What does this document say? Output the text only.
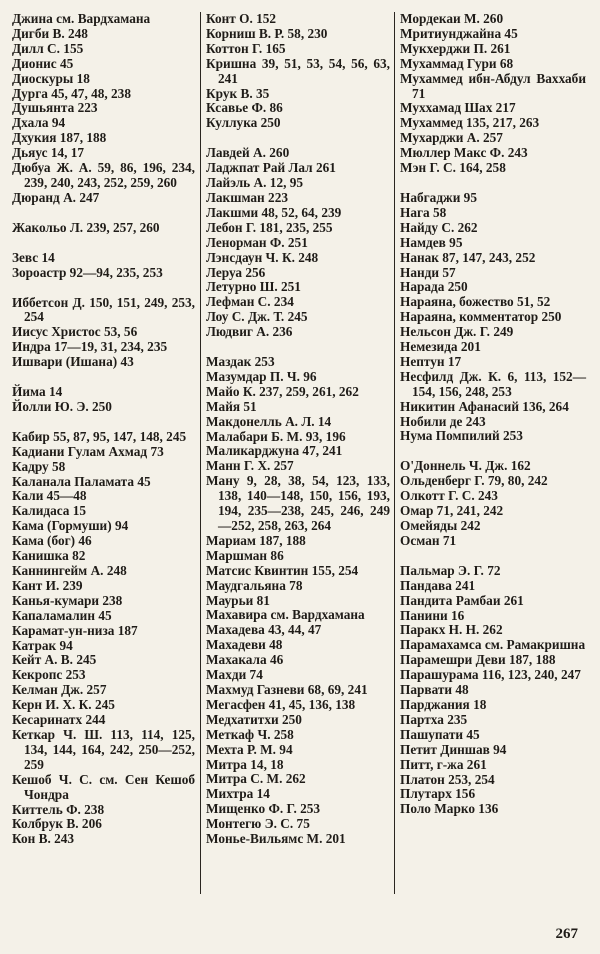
Джина см. Вардхамана
Дигби В. 248
Дилл С. 155
Дионис 45
Диоскуры 18
Дурга 45, 47, 48, 238
Душьянта 223
Дхала 94
Дхукия 187, 188
Дьяус 14, 17
Дюбуа Ж. А. 59, 86, 196, 234, 239, 240, 243, 252, 259, 260
Дюранд А. 247
Жакольо Л. 239, 257, 260
Зевс 14
Зороастр 92—94, 235, 253
Иббетсон Д. 150, 151, 249, 253, 254
Иисус Христос 53, 56
Индра 17—19, 31, 234, 235
Ишвари (Ишана) 43
Йима 14
Йолли Ю. Э. 250
Кабир 55, 87, 95, 147, 148, 245
Кадиани Гулам Ахмад 73
Кадру 58
Каланала Паламата 45
Кали 45—48
Калидаса 15
Кама (Гормуши) 94
Кама (бог) 46
Канишка 82
Каннингейм А. 248
Кант И. 239
Канья-кумари 238
Капаламалин 45
Карамат-ун-низа 187
Катрак 94
Кейт А. В. 245
Кекропс 253
Келман Дж. 257
Керн И. Х. К. 245
Кесаринатх 244
Кеткар Ч. Ш. 113, 114, 125, 134, 144, 164, 242, 250—252, 259
Кешоб Ч. С. см. Сен Кешоб Чондра
Киттель Ф. 238
Колбрук В. 206
Кон В. 243
Конт О. 152
Корниш В. Р. 58, 230
Коттон Г. 165
Кришна 39, 51, 53, 54, 56, 63, 241
Крук В. 35
Ксавье Ф. 86
Куллука 250
Лавдей А. 260
Ладжпат Рай Лал 261
Лайэль А. 12, 95
Лакшман 223
Лакшми 48, 52, 64, 239
Лебон Г. 181, 235, 255
Ленорман Ф. 251
Лэнсдаун Ч. К. 248
Леруа 256
Летурно Ш. 251
Лефман С. 234
Лоу С. Дж. Т. 245
Людвиг А. 236
Маздак 253
Мазумдар П. Ч. 96
Майо К. 237, 259, 261, 262
Майя 51
Макдонелль А. Л. 14
Малабари Б. М. 93, 196
Маликарджуна 47, 241
Манн Г. Х. 257
Ману 9, 28, 38, 54, 123, 133, 138, 140—148, 150, 156, 193, 194, 235—238, 245, 246, 249—252, 258, 263, 264
Мариам 187, 188
Маршман 86
Матсис Квинтин 155, 254
Маудгальяна 78
Маурьи 81
Махавира см. Вардхамана
Махадева 43, 44, 47
Махадеви 48
Махакала 46
Махди 74
Махмуд Газневи 68, 69, 241
Мегасфен 41, 45, 136, 138
Медхатитхи 250
Меткаф Ч. 258
Мехта Р. М. 94
Митра 14, 18
Митра С. М. 262
Михтра 14
Мищенко Ф. Г. 253
Монтегю Э. С. 75
Монье-Вильямс М. 201
Мордекаи М. 260
Мритиунджайна 45
Мукхерджи П. 261
Мухаммад Гури 68
Мухаммед ибн-Абдул Ваххаби 71
Муххамад Шах 217
Мухаммед 135, 217, 263
Мухарджи А. 257
Мюллер Макс Ф. 243
Мэн Г. С. 164, 258
Набгаджи 95
Нага 58
Найду С. 262
Намдев 95
Нанак 87, 147, 243, 252
Нанди 57
Нарада 250
Нараяна, божество 51, 52
Нараяна, комментатор 250
Нельсон Дж. Г. 249
Немезида 201
Нептун 17
Несфилд Дж. К. 6, 113, 152—154, 156, 248, 253
Никитин Афанасий 136, 264
Нобили де 243
Нума Помпилий 253
О'Доннель Ч. Дж. 162
Ольденберг Г. 79, 80, 242
Олкотт Г. С. 243
Омар 71, 241, 242
Омейяды 242
Осман 71
Пальмар Э. Г. 72
Пандава 241
Пандита Рамбаи 261
Панини 16
Паракх Н. Н. 262
Парамахамса см. Рамакришна
Парамешри Деви 187, 188
Парашурама 116, 123, 240, 247
Парвати 48
Парджания 18
Партха 235
Пашупати 45
Петит Диншав 94
Питт, г-жа 261
Платон 253, 254
Плутарх 156
Поло Марко 136
267
